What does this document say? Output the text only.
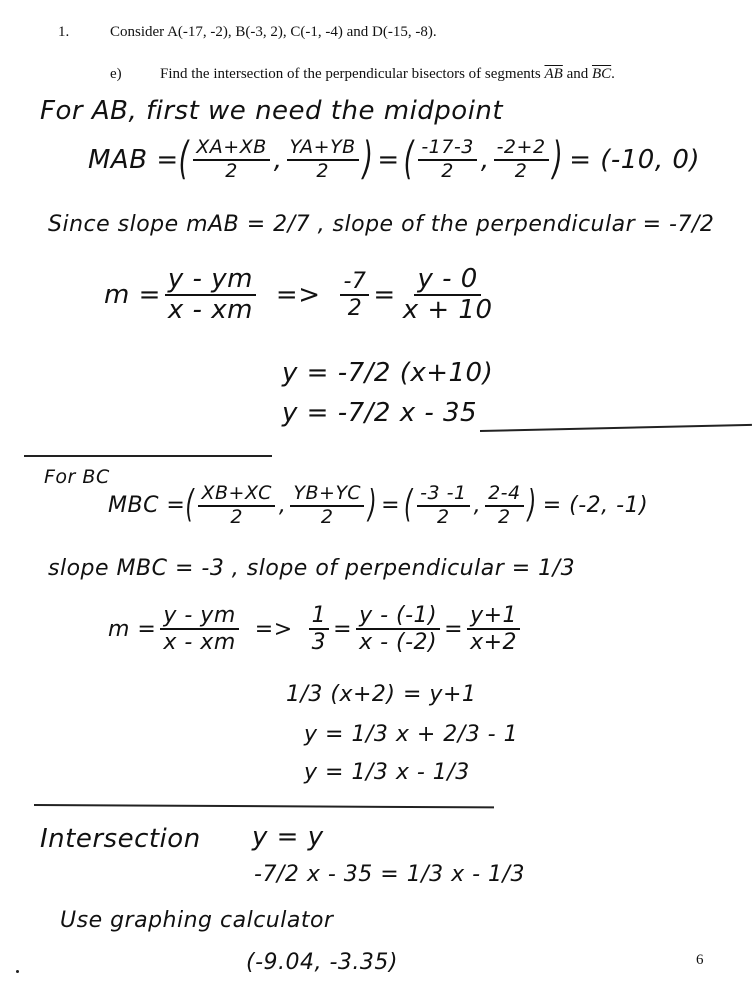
1.	Consider A(-17, -2), B(-3, 2), C(-1, -4) and D(-15, -8).
e)	Find the intersection of the perpendicular bisectors of segments $\overline{AB}$ and $\overline{BC}$.
For AB, first we need the midpoint
MAB = ( $\frac{XA+XB}{2}$ , $\frac{YA+YB}{2}$ ) = ( $\frac{-17-3}{2}$ , $\frac{-2+2}{2}$ ) = (-10, 0)
Since slope mAB = 2/7 , slope of the perpendicular = -7/2
$m = \frac{y - ym}{x - xm} => \frac{-7}{2} = \frac{y - 0}{x + 10}$
y = -7/2 (x+10)
y = -7/2 x - 35
For BC
MBC = ( $\frac{XB+XC}{2}$ , $\frac{YB+YC}{2}$ ) = ( $\frac{-3 -1}{2}$ , $\frac{2-4}{2}$ ) = (-2, -1)
slope MBC = -3 , slope of perpendicular = 1/3
$m = \frac{y - ym}{x - xm} => \frac{1}{3} = \frac{y - (-1)}{x - (-2)} = \frac{y+1}{x+2}$
1/3 (x+2) = y+1
y = 1/3 x + 2/3 - 1
y = 1/3 x - 1/3
Intersection y = y
-7/2 x - 35 = 1/3 x - 1/3
Use graphing calculator
(-9.04, -3.35)	6
